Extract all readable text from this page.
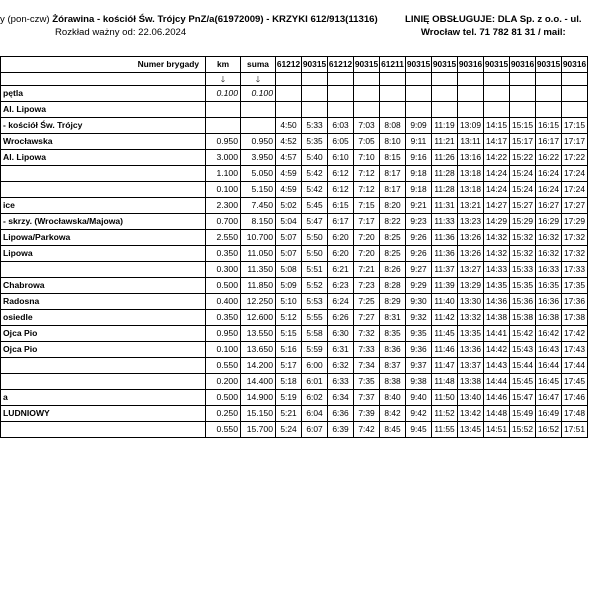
y (pon-czw) Żórawina - kościół Św. Trójcy PnZ/a(61972009) - KRZYKI 612/913(11316)
Rozkład ważny od: 22.06.2024
LINIĘ OBSŁUGUJE: DLA Sp. z o.o. - ul.
Wrocław tel. 71 782 81 31 / mail:
Numer brygady	km	suma	61212	90315	61212	90315	61211	90315	90315	90316	90315	90316	90315	90316
	🡓	🡓												
pętla	0.100	0.100												
Al. Lipowa														
- kościół Św. Trójcy			4:50	5:33	6:03	7:03	8:08	9:09	11:19	13:09	14:15	15:15	16:15	17:15
Wrocławska	0.950	0.950	4:52	5:35	6:05	7:05	8:10	9:11	11:21	13:11	14:17	15:17	16:17	17:17
Al. Lipowa	3.000	3.950	4:57	5:40	6:10	7:10	8:15	9:16	11:26	13:16	14:22	15:22	16:22	17:22
	1.100	5.050	4:59	5:42	6:12	7:12	8:17	9:18	11:28	13:18	14:24	15:24	16:24	17:24
	0.100	5.150	4:59	5:42	6:12	7:12	8:17	9:18	11:28	13:18	14:24	15:24	16:24	17:24
ice	2.300	7.450	5:02	5:45	6:15	7:15	8:20	9:21	11:31	13:21	14:27	15:27	16:27	17:27
- skrzy. (Wrocławska/Majowa)	0.700	8.150	5:04	5:47	6:17	7:17	8:22	9:23	11:33	13:23	14:29	15:29	16:29	17:29
Lipowa/Parkowa	2.550	10.700	5:07	5:50	6:20	7:20	8:25	9:26	11:36	13:26	14:32	15:32	16:32	17:32
Lipowa	0.350	11.050	5:07	5:50	6:20	7:20	8:25	9:26	11:36	13:26	14:32	15:32	16:32	17:32
	0.300	11.350	5:08	5:51	6:21	7:21	8:26	9:27	11:37	13:27	14:33	15:33	16:33	17:33
Chabrowa	0.500	11.850	5:09	5:52	6:23	7:23	8:28	9:29	11:39	13:29	14:35	15:35	16:35	17:35
Radosna	0.400	12.250	5:10	5:53	6:24	7:25	8:29	9:30	11:40	13:30	14:36	15:36	16:36	17:36
osiedle	0.350	12.600	5:12	5:55	6:26	7:27	8:31	9:32	11:42	13:32	14:38	15:38	16:38	17:38
Ojca Pio	0.950	13.550	5:15	5:58	6:30	7:32	8:35	9:35	11:45	13:35	14:41	15:42	16:42	17:42
Ojca Pio	0.100	13.650	5:16	5:59	6:31	7:33	8:36	9:36	11:46	13:36	14:42	15:43	16:43	17:43
	0.550	14.200	5:17	6:00	6:32	7:34	8:37	9:37	11:47	13:37	14:43	15:44	16:44	17:44
	0.200	14.400	5:18	6:01	6:33	7:35	8:38	9:38	11:48	13:38	14:44	15:45	16:45	17:45
a	0.500	14.900	5:19	6:02	6:34	7:37	8:40	9:40	11:50	13:40	14:46	15:47	16:47	17:46
LUDNIOWY	0.250	15.150	5:21	6:04	6:36	7:39	8:42	9:42	11:52	13:42	14:48	15:49	16:49	17:48
	0.550	15.700	5:24	6:07	6:39	7:42	8:45	9:45	11:55	13:45	14:51	15:52	16:52	17:51
